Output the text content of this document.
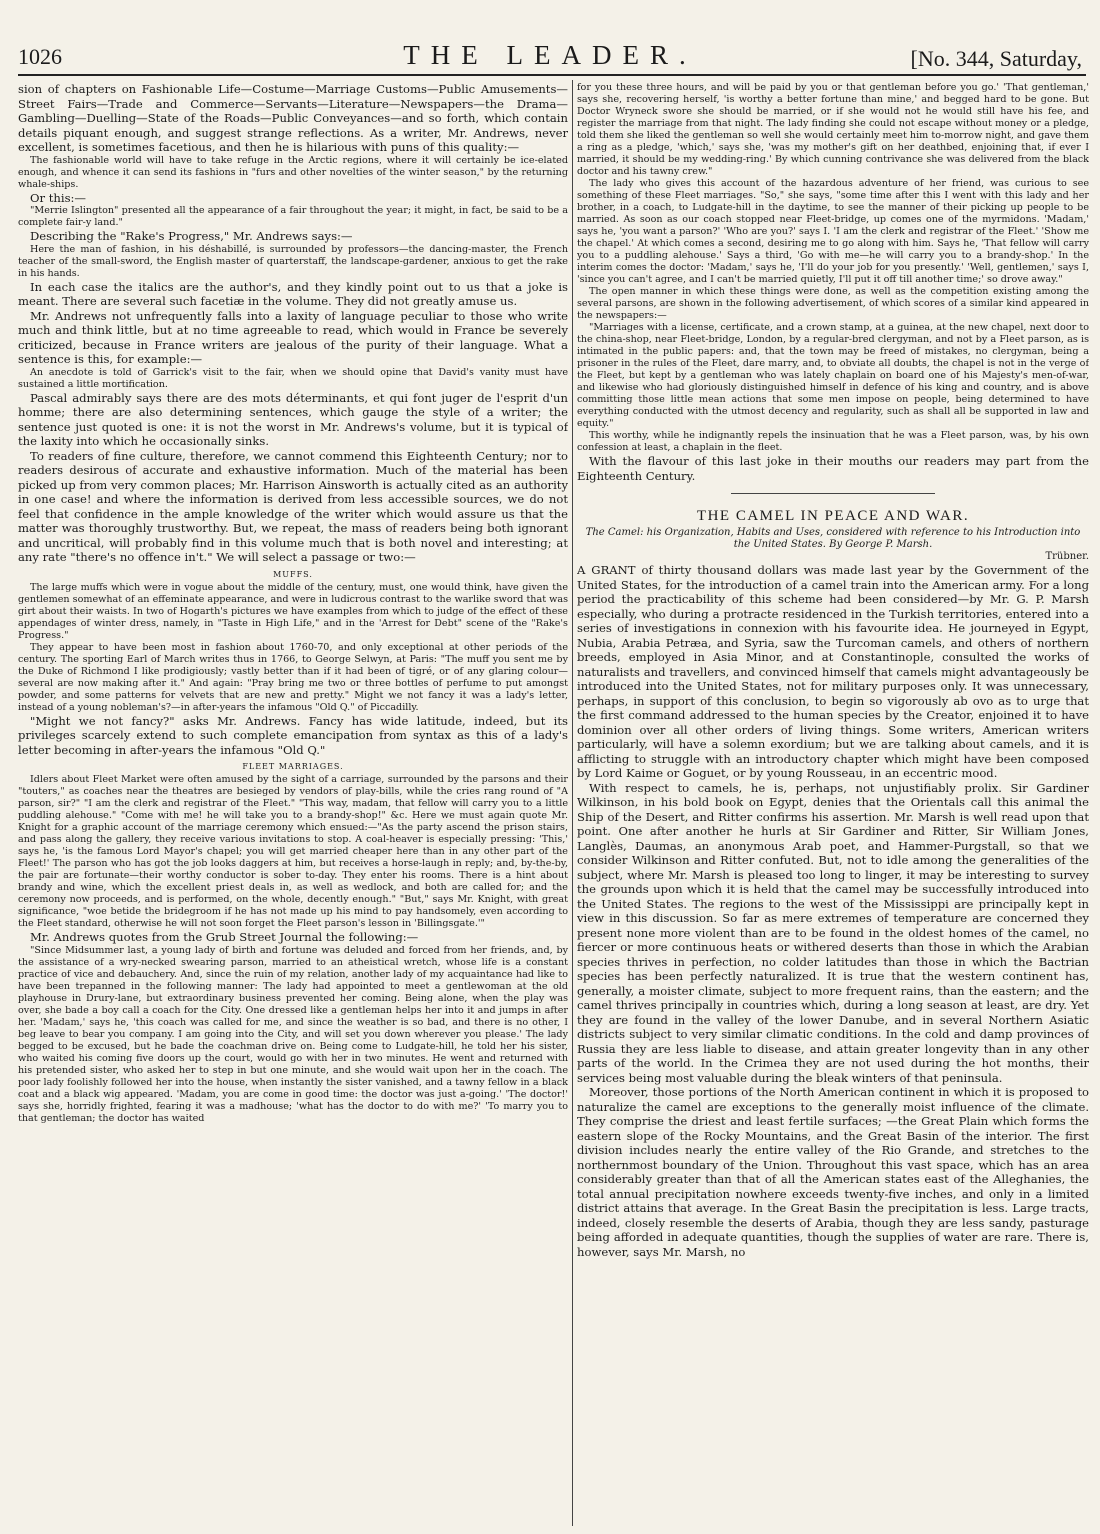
1026	THE LEADER.	[No. 344, Saturday,

sion of chapters on Fashionable Life—Costume—Marriage Customs—Public Amusements—Street Fairs—Trade and Commerce—Servants—Literature—Newspapers—the Drama—Gambling—Duelling—State of the Roads—Public Conveyances—and so forth, which contain details piquant enough, and suggest strange reflections. As a writer, Mr. Andrews, never excellent, is sometimes facetious, and then he is hilarious with puns of this quality:—

The fashionable world will have to take refuge in the Arctic regions, where it will certainly be ice-elated enough, and whence it can send its fashions in "furs and other novelties of the winter season," by the returning whale-ships.

Or this:—

"Merrie Islington" presented all the appearance of a fair throughout the year; it might, in fact, be said to be a complete fair-y land."

Describing the "Rake's Progress," Mr. Andrews says:—

Here the man of fashion, in his déshabillé, is surrounded by professors—the dancing-master, the French teacher of the small-sword, the English master of quarterstaff, the landscape-gardener, anxious to get the rake in his hands.

In each case the italics are the author's, and they kindly point out to us that a joke is meant. There are several such facetiæ in the volume. They did not greatly amuse us.

Mr. Andrews not unfrequently falls into a laxity of language peculiar to those who write much and think little, but at no time agreeable to read, which would in France be severely criticized, because in France writers are jealous of the purity of their language. What a sentence is this, for example:—

An anecdote is told of Garrick's visit to the fair, when we should opine that David's vanity must have sustained a little mortification.

Pascal admirably says there are des mots déterminants, et qui font juger de l'esprit d'un homme; there are also determining sentences, which gauge the style of a writer; the sentence just quoted is one: it is not the worst in Mr. Andrews's volume, but it is typical of the laxity into which he occasionally sinks.

To readers of fine culture, therefore, we cannot commend this Eighteenth Century; nor to readers desirous of accurate and exhaustive information. Much of the material has been picked up from very common places; Mr. Harrison Ainsworth is actually cited as an authority in one case! and where the information is derived from less accessible sources, we do not feel that confidence in the ample knowledge of the writer which would assure us that the matter was thoroughly trustworthy. But, we repeat, the mass of readers being both ignorant and uncritical, will probably find in this volume much that is both novel and interesting; at any rate "there's no offence in't." We will select a passage or two:—

MUFFS.

The large muffs which were in vogue about the middle of the century, must, one would think, have given the gentlemen somewhat of an effeminate appearance, and were in ludicrous contrast to the warlike sword that was girt about their waists. In two of Hogarth's pictures we have examples from which to judge of the effect of these appendages of winter dress, namely, in "Taste in High Life," and in the 'Arrest for Debt" scene of the "Rake's Progress."

They appear to have been most in fashion about 1760-70, and only exceptional at other periods of the century. The sporting Earl of March writes thus in 1766, to George Selwyn, at Paris: "The muff you sent me by the Duke of Richmond I like prodigiously; vastly better than if it had been of tigré, or of any glaring colour—several are now making after it." And again: "Pray bring me two or three bottles of perfume to put amongst powder, and some patterns for velvets that are new and pretty." Might we not fancy it was a lady's letter, instead of a young nobleman's?—in after-years the infamous "Old Q." of Piccadilly.

"Might we not fancy?" asks Mr. Andrews. Fancy has wide latitude, indeed, but its privileges scarcely extend to such complete emancipation from syntax as this of a lady's letter becoming in after-years the infamous "Old Q."

FLEET MARRIAGES.

Idlers about Fleet Market were often amused by the sight of a carriage, surrounded by the parsons and their "touters," as coaches near the theatres are besieged by vendors of play-bills, while the cries rang round of "A parson, sir?" "I am the clerk and registrar of the Fleet." "This way, madam, that fellow will carry you to a little puddling alehouse." "Come with me! he will take you to a brandy-shop!" &c. Here we must again quote Mr. Knight for a graphic account of the marriage ceremony which ensued:—"As the party ascend the prison stairs, and pass along the gallery, they receive various invitations to stop. A coal-heaver is especially pressing: 'This,' says he, 'is the famous Lord Mayor's chapel; you will get married cheaper here than in any other part of the Fleet!' The parson who has got the job looks daggers at him, but receives a horse-laugh in reply; and, by-the-by, the pair are fortunate—their worthy conductor is sober to-day. They enter his rooms. There is a hint about brandy and wine, which the excellent priest deals in, as well as wedlock, and both are called for; and the ceremony now proceeds, and is performed, on the whole, decently enough." "But," says Mr. Knight, with great significance, "woe betide the bridegroom if he has not made up his mind to pay handsomely, even according to the Fleet standard, otherwise he will not soon forget the Fleet parson's lesson in 'Billingsgate.'"

Mr. Andrews quotes from the Grub Street Journal the following:—

"Since Midsummer last, a young lady of birth and fortune was deluded and forced from her friends, and, by the assistance of a wry-necked swearing parson, married to an atheistical wretch, whose life is a constant practice of vice and debauchery. And, since the ruin of my relation, another lady of my acquaintance had like to have been trepanned in the following manner: The lady had appointed to meet a gentlewoman at the old playhouse in Drury-lane, but extraordinary business prevented her coming. Being alone, when the play was over, she bade a boy call a coach for the City. One dressed like a gentleman helps her into it and jumps in after her. 'Madam,' says he, 'this coach was called for me, and since the weather is so bad, and there is no other, I beg leave to bear you company. I am going into the City, and will set you down wherever you please.' The lady begged to be excused, but he bade the coachman drive on. Being come to Ludgate-hill, he told her his sister, who waited his coming five doors up the court, would go with her in two minutes. He went and returned with his pretended sister, who asked her to step in but one minute, and she would wait upon her in the coach. The poor lady foolishly followed her into the house, when instantly the sister vanished, and a tawny fellow in a black coat and a black wig appeared. 'Madam, you are come in good time: the doctor was just a-going.' 'The doctor!' says she, horridly frighted, fearing it was a madhouse; 'what has the doctor to do with me?' 'To marry you to that gentleman; the doctor has waited

for you these three hours, and will be paid by you or that gentleman before you go.' 'That gentleman,' says she, recovering herself, 'is worthy a better fortune than mine,' and begged hard to be gone. But Doctor Wryneck swore she should be married, or if she would not he would still have his fee, and register the marriage from that night. The lady finding she could not escape without money or a pledge, told them she liked the gentleman so well she would certainly meet him to-morrow night, and gave them a ring as a pledge, 'which,' says she, 'was my mother's gift on her deathbed, enjoining that, if ever I married, it should be my wedding-ring.' By which cunning contrivance she was delivered from the black doctor and his tawny crew."

The lady who gives this account of the hazardous adventure of her friend, was curious to see something of these Fleet marriages. "So," she says, "some time after this I went with this lady and her brother, in a coach, to Ludgate-hill in the daytime, to see the manner of their picking up people to be married. As soon as our coach stopped near Fleet-bridge, up comes one of the myrmidons. 'Madam,' says he, 'you want a parson?' 'Who are you?' says I. 'I am the clerk and registrar of the Fleet.' 'Show me the chapel.' At which comes a second, desiring me to go along with him. Says he, 'That fellow will carry you to a puddling alehouse.' Says a third, 'Go with me—he will carry you to a brandy-shop.' In the interim comes the doctor: 'Madam,' says he, 'I'll do your job for you presently.' 'Well, gentlemen,' says I, 'since you can't agree, and I can't be married quietly, I'll put it off till another time;' so drove away."

The open manner in which these things were done, as well as the competition existing among the several parsons, are shown in the following advertisement, of which scores of a similar kind appeared in the newspapers:—

"Marriages with a license, certificate, and a crown stamp, at a guinea, at the new chapel, next door to the china-shop, near Fleet-bridge, London, by a regular-bred clergyman, and not by a Fleet parson, as is intimated in the public papers: and, that the town may be freed of mistakes, no clergyman, being a prisoner in the rules of the Fleet, dare marry, and, to obviate all doubts, the chapel is not in the verge of the Fleet, but kept by a gentleman who was lately chaplain on board one of his Majesty's men-of-war, and likewise who had gloriously distinguished himself in defence of his king and country, and is above committing those little mean actions that some men impose on people, being determined to have everything conducted with the utmost decency and regularity, such as shall all be supported in law and equity."

This worthy, while he indignantly repels the insinuation that he was a Fleet parson, was, by his own confession at least, a chaplain in the fleet.

With the flavour of this last joke in their mouths our readers may part from the Eighteenth Century.

THE CAMEL IN PEACE AND WAR.

The Camel: his Organization, Habits and Uses, considered with reference to his Introduction into the United States. By George P. Marsh.

Trübner.

A GRANT of thirty thousand dollars was made last year by the Government of the United States, for the introduction of a camel train into the American army. For a long period the practicability of this scheme had been considered—by Mr. G. P. Marsh especially, who during a protracte residenced in the Turkish territories, entered into a series of investigations in connexion with his favourite idea. He journeyed in Egypt, Nubia, Arabia Petræa, and Syria, saw the Turcoman camels, and others of northern breeds, employed in Asia Minor, and at Constantinople, consulted the works of naturalists and travellers, and convinced himself that camels might advantageously be introduced into the United States, not for military purposes only. It was unnecessary, perhaps, in support of this conclusion, to begin so vigorously ab ovo as to urge that the first command addressed to the human species by the Creator, enjoined it to have dominion over all other orders of living things. Some writers, American writers particularly, will have a solemn exordium; but we are talking about camels, and it is afflicting to struggle with an introductory chapter which might have been composed by Lord Kaime or Goguet, or by young Rousseau, in an eccentric mood.

With respect to camels, he is, perhaps, not unjustifiably prolix. Sir Gardiner Wilkinson, in his bold book on Egypt, denies that the Orientals call this animal the Ship of the Desert, and Ritter confirms his assertion. Mr. Marsh is well read upon that point. One after another he hurls at Sir Gardiner and Ritter, Sir William Jones, Langlès, Daumas, an anonymous Arab poet, and Hammer-Purgstall, so that we consider Wilkinson and Ritter confuted. But, not to idle among the generalities of the subject, where Mr. Marsh is pleased too long to linger, it may be interesting to survey the grounds upon which it is held that the camel may be successfully introduced into the United States. The regions to the west of the Mississippi are principally kept in view in this discussion. So far as mere extremes of temperature are concerned they present none more violent than are to be found in the oldest homes of the camel, no fiercer or more continuous heats or withered deserts than those in which the Arabian species thrives in perfection, no colder latitudes than those in which the Bactrian species has been perfectly naturalized. It is true that the western continent has, generally, a moister climate, subject to more frequent rains, than the eastern; and the camel thrives principally in countries which, during a long season at least, are dry. Yet they are found in the valley of the lower Danube, and in several Northern Asiatic districts subject to very similar climatic conditions. In the cold and damp provinces of Russia they are less liable to disease, and attain greater longevity than in any other parts of the world. In the Crimea they are not used during the hot months, their services being most valuable during the bleak winters of that peninsula.

Moreover, those portions of the North American continent in which it is proposed to naturalize the camel are exceptions to the generally moist influence of the climate. They comprise the driest and least fertile surfaces; —the Great Plain which forms the eastern slope of the Rocky Mountains, and the Great Basin of the interior. The first division includes nearly the entire valley of the Rio Grande, and stretches to the northernmost boundary of the Union. Throughout this vast space, which has an area considerably greater than that of all the American states east of the Alleghanies, the total annual precipitation nowhere exceeds twenty-five inches, and only in a limited district attains that average. In the Great Basin the precipitation is less. Large tracts, indeed, closely resemble the deserts of Arabia, though they are less sandy, pasturage being afforded in adequate quantities, though the supplies of water are rare. There is, however, says Mr. Marsh, no
